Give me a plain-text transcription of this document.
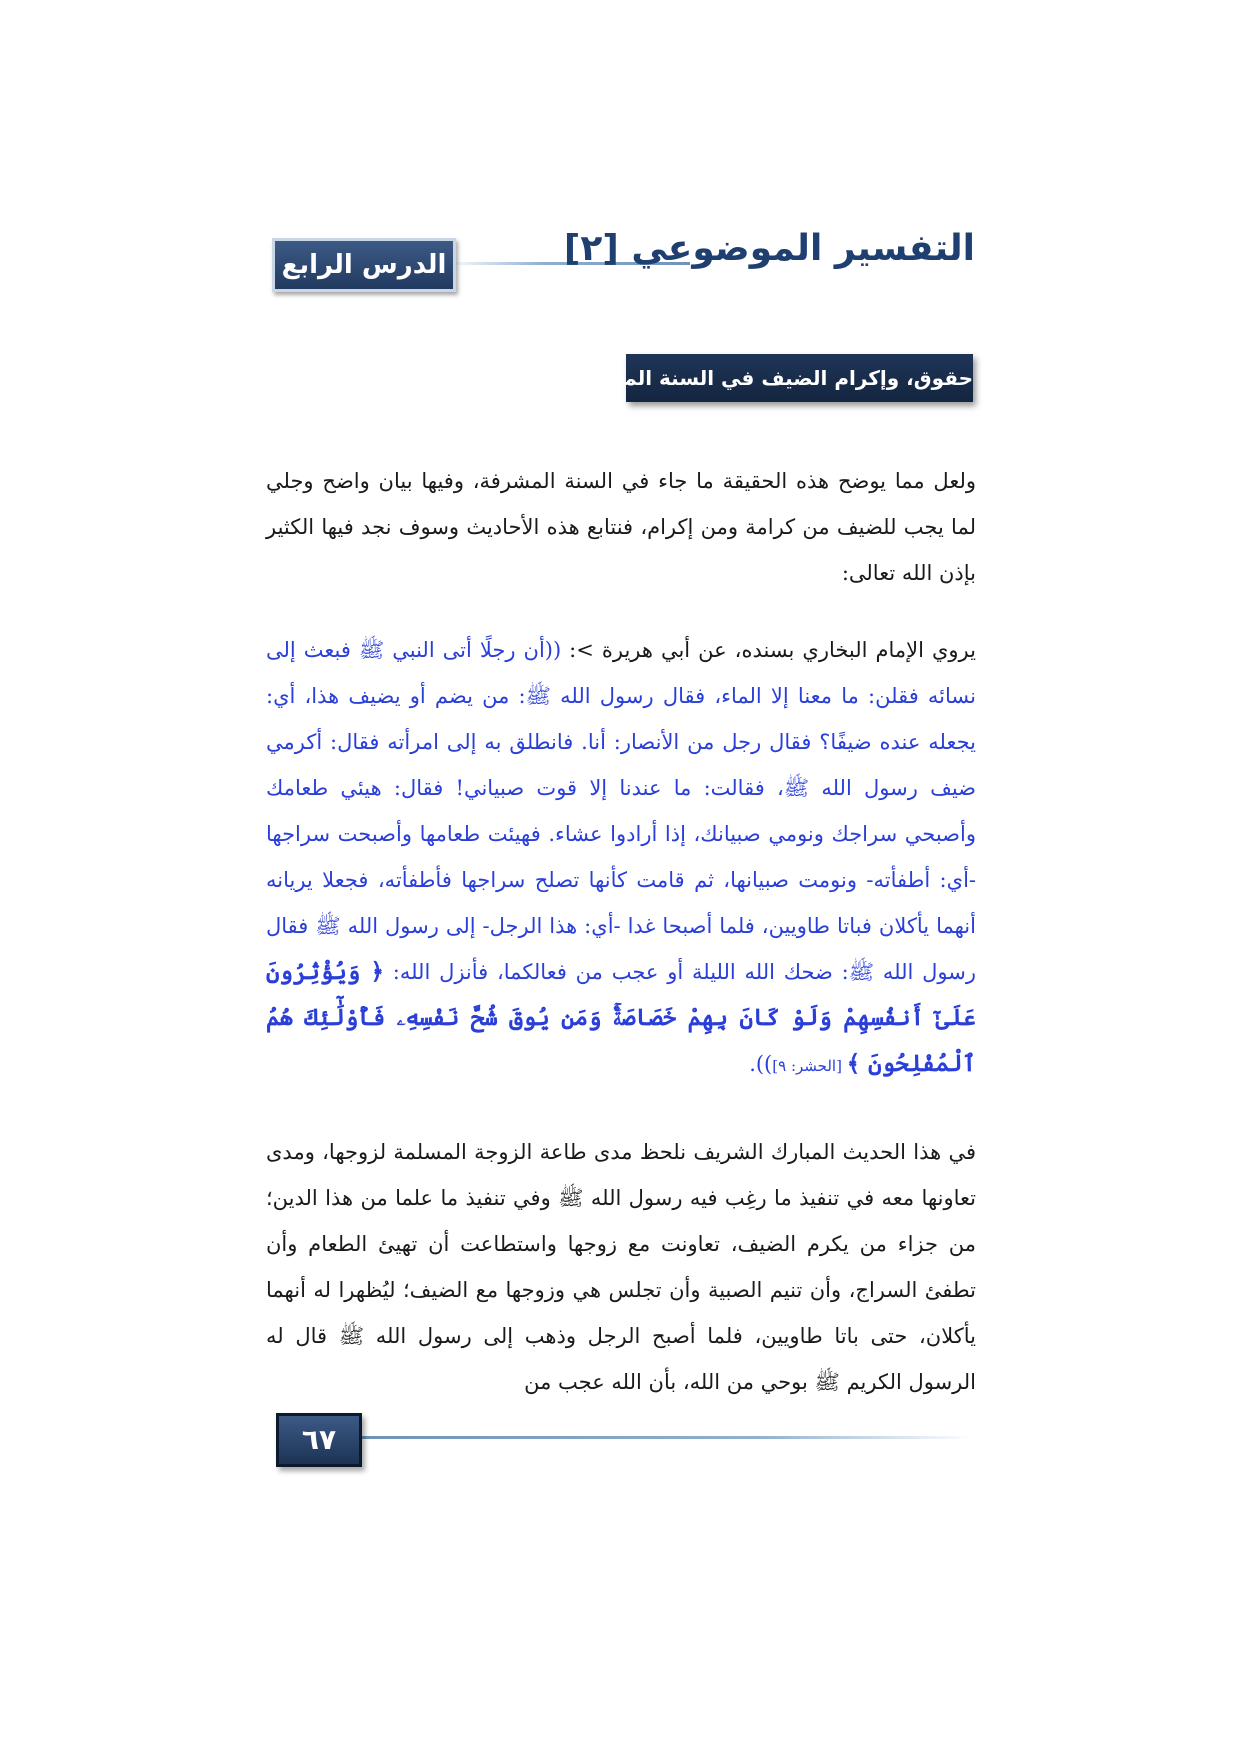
الدرس الرابع	التفسير الموضوعي [٢]
حقوق، وإكرام الضيف في السنة المشرفة

ولعل مما يوضح هذه الحقيقة ما جاء في السنة المشرفة، وفيها بيان واضح وجلي لما يجب للضيف من كرامة ومن إكرام، فنتابع هذه الأحاديث وسوف نجد فيها الكثير بإذن الله تعالى:

يروي الإمام البخاري بسنده، عن أبي هريرة >: ((أن رجلًا أتى النبي ﷺ فبعث إلى نسائه فقلن: ما معنا إلا الماء، فقال رسول الله ﷺ: من يضم أو يضيف هذا، أي: يجعله عنده ضيفًا؟ فقال رجل من الأنصار: أنا. فانطلق به إلى امرأته فقال: أكرمي ضيف رسول الله ﷺ، فقالت: ما عندنا إلا قوت صبياني! فقال: هيئي طعامك وأصبحي سراجك ونومي صبيانك، إذا أرادوا عشاء. فهيئت طعامها وأصبحت سراجها -أي: أطفأته- ونومت صبيانها، ثم قامت كأنها تصلح سراجها فأطفأته، فجعلا يريانه أنهما يأكلان فباتا طاويين، فلما أصبحا غدا -أي: هذا الرجل- إلى رسول الله ﷺ فقال رسول الله ﷺ: ضحك الله الليلة أو عجب من فعالكما، فأنزل الله: ﴿ وَيُؤْثِرُونَ عَلَىٰٓ أَنفُسِهِمْ وَلَوْ كَانَ بِهِمْ خَصَاصَةٌۚ وَمَن يُوقَ شُحَّ نَفْسِهِۦ فَأُوْلَٰٓئِكَ هُمُ ٱلْمُفْلِحُونَ ﴾ [الحشر: ٩])).

في هذا الحديث المبارك الشريف نلحظ مدى طاعة الزوجة المسلمة لزوجها، ومدى تعاونها معه في تنفيذ ما رغِب فيه رسول الله ﷺ وفي تنفيذ ما علما من هذا الدين؛ من جزاء من يكرم الضيف، تعاونت مع زوجها واستطاعت أن تهيئ الطعام وأن تطفئ السراج، وأن تنيم الصبية وأن تجلس هي وزوجها مع الضيف؛ ليُظهرا له أنهما يأكلان، حتى باتا طاويين، فلما أصبح الرجل وذهب إلى رسول الله ﷺ قال له الرسول الكريم ﷺ بوحي من الله، بأن الله عجب من

٦٧
